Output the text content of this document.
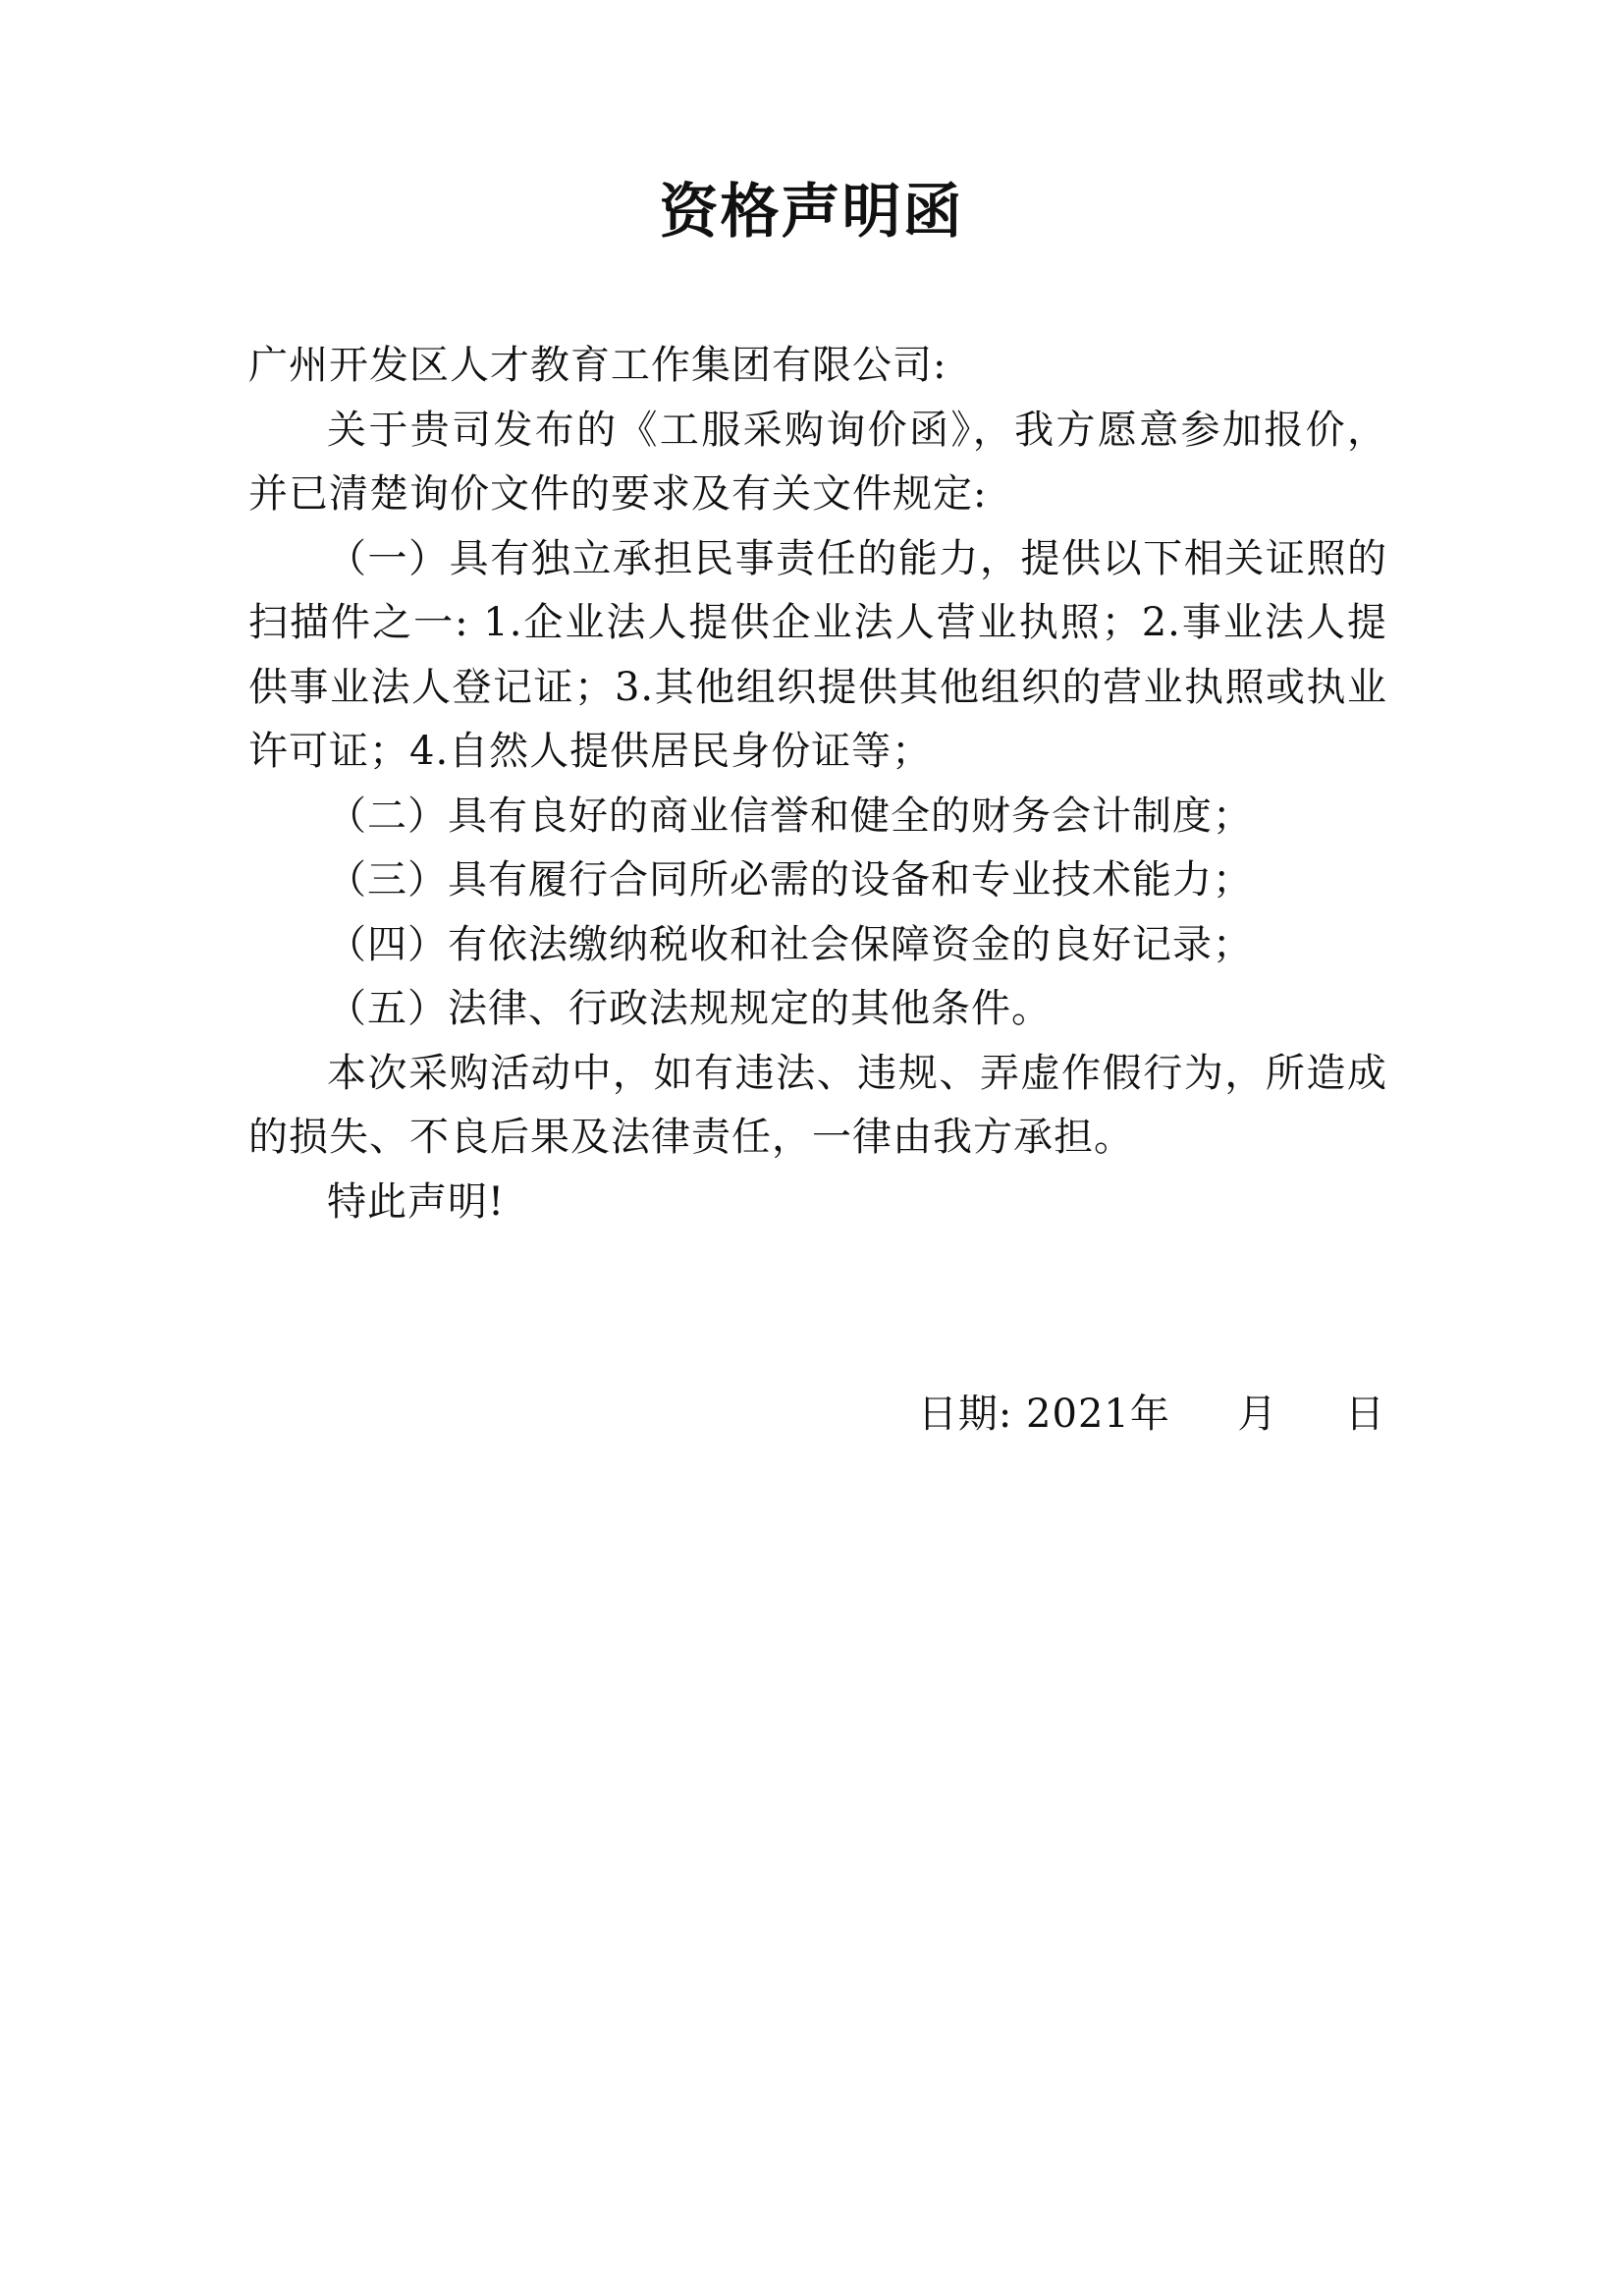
资格声明函

广州开发区人才教育工作集团有限公司:

关于贵司发布的《工服采购询价函》，我方愿意参加报价，并已清楚询价文件的要求及有关文件规定:

（一）具有独立承担民事责任的能力，提供以下相关证照的扫描件之一: 1.企业法人提供企业法人营业执照；2.事业法人提供事业法人登记证；3.其他组织提供其他组织的营业执照或执业许可证；4.自然人提供居民身份证等；

（二）具有良好的商业信誉和健全的财务会计制度；

（三）具有履行合同所必需的设备和专业技术能力；

（四）有依法缴纳税收和社会保障资金的良好记录；

（五）法律、行政法规规定的其他条件。

本次采购活动中，如有违法、违规、弄虚作假行为，所造成的损失、不良后果及法律责任，一律由我方承担。

特此声明!

日期: 2021年     月     日
